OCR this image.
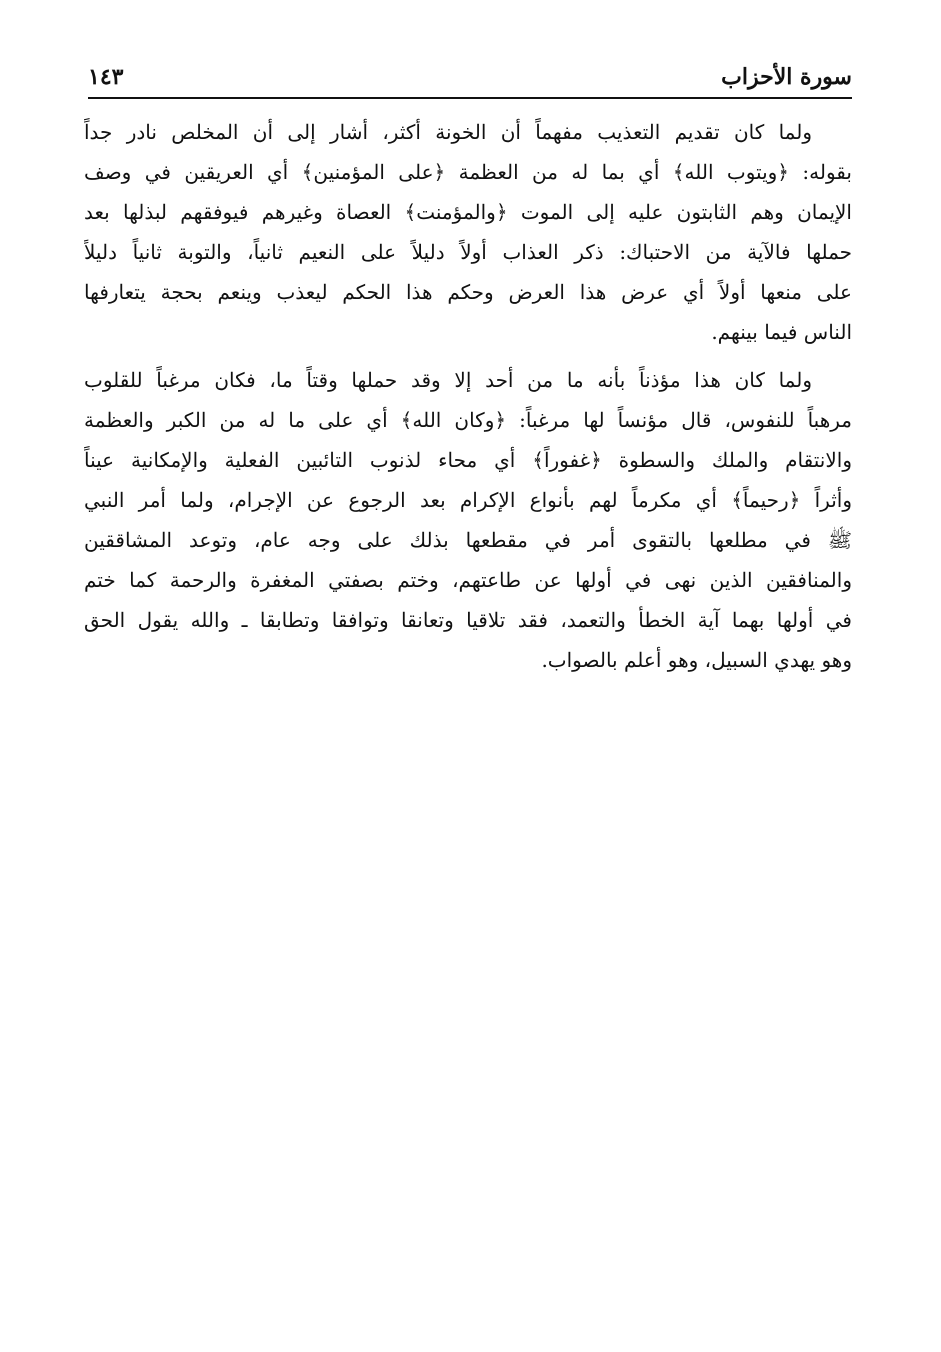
سورة الأحزاب
١٤٣
ولما كان تقديم التعذيب مفهماً أن الخونة أكثر، أشار إلى أن المخلص نادر جداً
بقوله: ﴿ويتوب الله﴾ أي بما له من العظمة ﴿على المؤمنين﴾ أي العريقين في وصف
الإيمان وهم الثابتون عليه إلى الموت ﴿والمؤمنت﴾ العصاة وغيرهم فيوفقهم لبذلها بعد
حملها فالآية من الاحتباك: ذكر العذاب أولاً دليلاً على النعيم ثانياً، والتوبة ثانياً دليلاً
على منعها أولاً أي عرض هذا العرض وحكم هذا الحكم ليعذب وينعم بحجة يتعارفها
الناس فيما بينهم.
ولما كان هذا مؤذناً بأنه ما من أحد إلا وقد حملها وقتاً ما، فكان مرغباً للقلوب
مرهباً للنفوس، قال مؤنساً لها مرغباً: ﴿وكان الله﴾ أي على ما له من الكبر والعظمة
والانتقام والملك والسطوة ﴿غفوراً﴾ أي محاء لذنوب التائبين الفعلية والإمكانية عيناً
وأثراً ﴿رحيماً﴾ أي مكرماً لهم بأنواع الإكرام بعد الرجوع عن الإجرام، ولما أمر النبي
ﷺ في مطلعها بالتقوى أمر في مقطعها بذلك على وجه عام، وتوعد المشاققين
والمنافقين الذين نهى في أولها عن طاعتهم، وختم بصفتي المغفرة والرحمة كما ختم
في أولها بهما آية الخطأ والتعمد، فقد تلاقيا وتعانقا وتوافقا وتطابقا ـ والله يقول الحق
وهو يهدي السبيل، وهو أعلم بالصواب.
